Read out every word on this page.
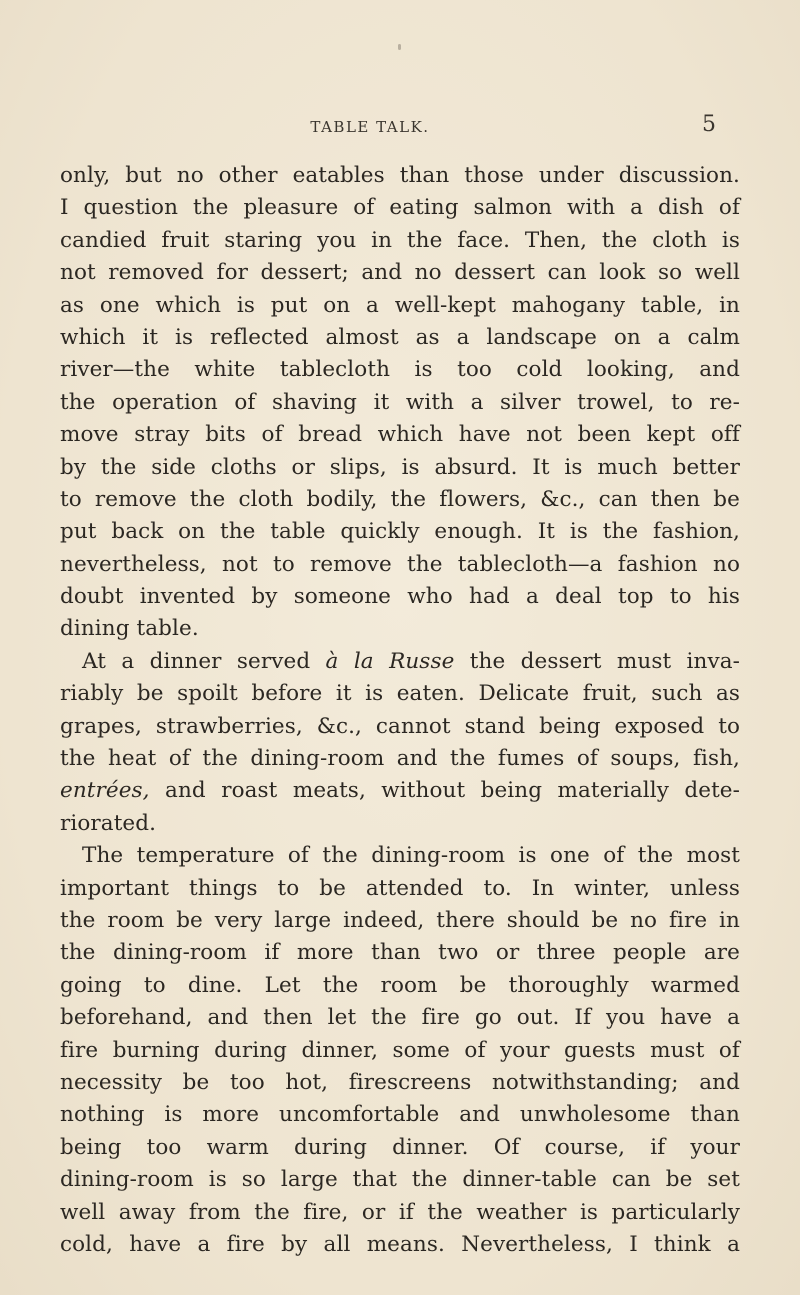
TABLE TALK.	5
only, but no other eatables than those under discussion.
I question the pleasure of eating salmon with a dish of
candied fruit staring you in the face. Then, the cloth is
not removed for dessert; and no dessert can look so well
as one which is put on a well-kept mahogany table, in
which it is reflected almost as a landscape on a calm
river—the white tablecloth is too cold looking, and
the operation of shaving it with a silver trowel, to re-
move stray bits of bread which have not been kept off
by the side cloths or slips, is absurd. It is much better
to remove the cloth bodily, the flowers, &c., can then be
put back on the table quickly enough. It is the fashion,
nevertheless, not to remove the tablecloth—a fashion no
doubt invented by someone who had a deal top to his
dining table.
At a dinner served à la Russe the dessert must inva-
riably be spoilt before it is eaten. Delicate fruit, such as
grapes, strawberries, &c., cannot stand being exposed to
the heat of the dining-room and the fumes of soups, fish,
entrées, and roast meats, without being materially dete-
riorated.
The temperature of the dining-room is one of the most
important things to be attended to. In winter, unless
the room be very large indeed, there should be no fire in
the dining-room if more than two or three people are
going to dine. Let the room be thoroughly warmed
beforehand, and then let the fire go out. If you have a
fire burning during dinner, some of your guests must of
necessity be too hot, firescreens notwithstanding; and
nothing is more uncomfortable and unwholesome than
being too warm during dinner. Of course, if your
dining-room is so large that the dinner-table can be set
well away from the fire, or if the weather is particularly
cold, have a fire by all means. Nevertheless, I think a
